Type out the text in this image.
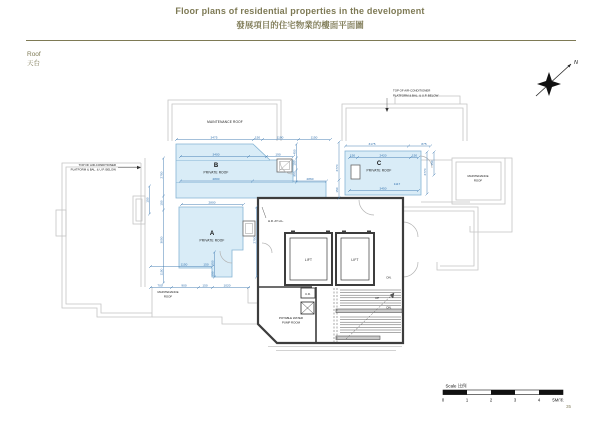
Floor plans of residential properties in the development
發展項目的住宅物業的樓面平面圖
Roof
天台
3475	150	1190	1150
3400	190
2800	2860
2800
3175	875
150	2420	150
3450
1117
700	900	150	1020
1150	150
2750
150
3050
1150
150
450
150
950
2770
150
2770
150
2750
650
150
MAINTENANCE ROOF
B
PRIVATE ROOF
A
PRIVATE ROOF
C
PRIVATE ROOF
MAINTENANCE
ROOF
MAINTENANCE
ROOF
TOP OF AIR-CONDITIONER
PLATFORM & BAL. & U.P. BELOW
TOP OF AIR-CONDITIONER
PLATFORM & BAL. & U.P. BELOW
H.R. AT H.L.
LIFT	LIFT
C.D.
UP
DN.
DN.
POTABLE WATER
PUMP ROOM
N
Scale 比例
0	1	2	3	4	5M/米
35
